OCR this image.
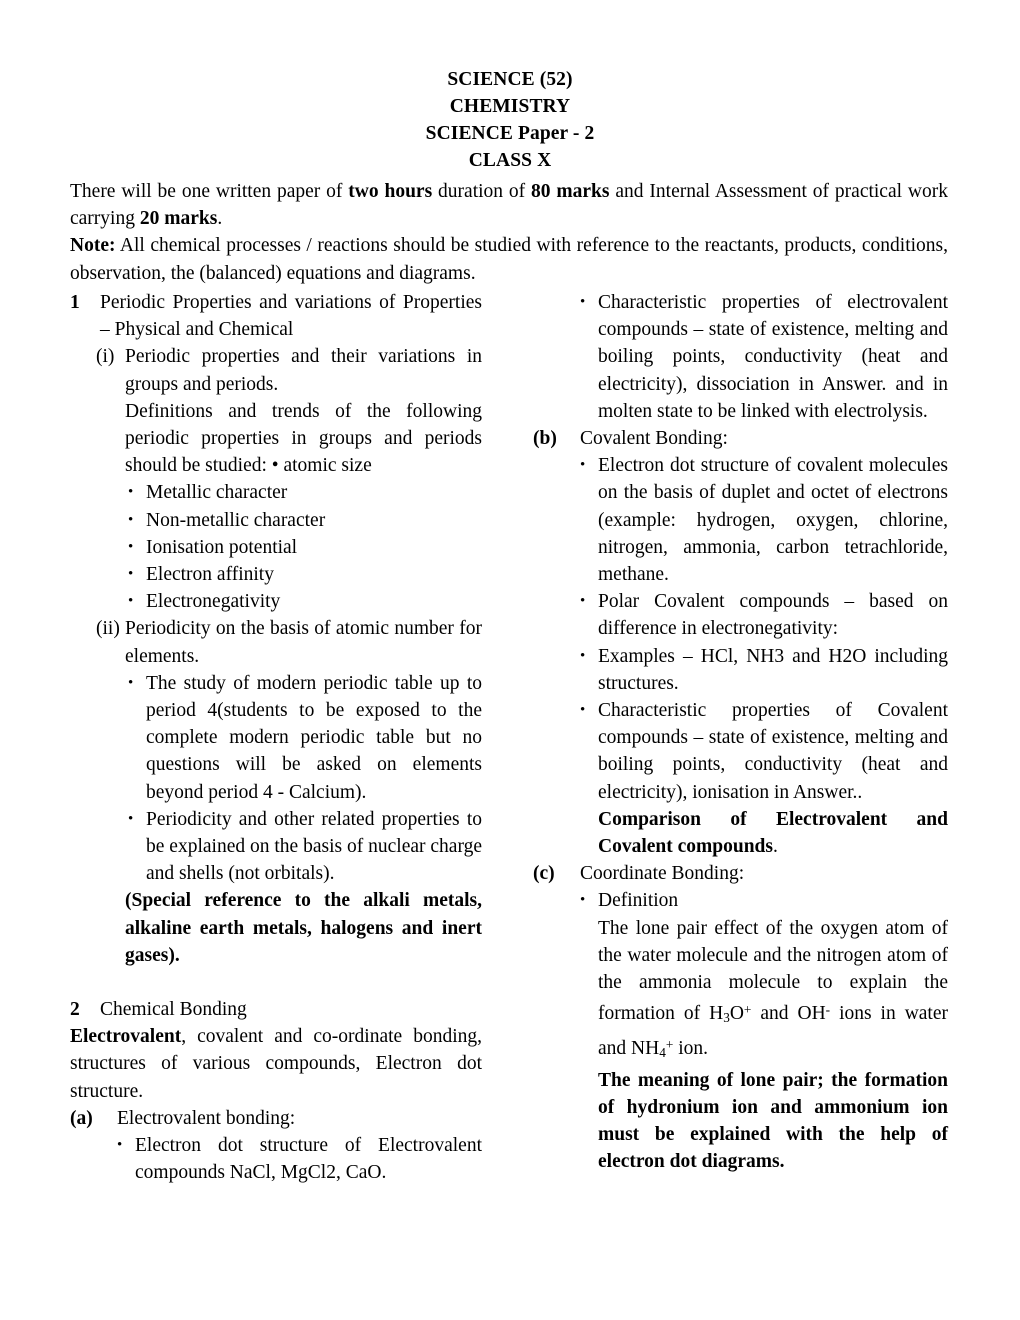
SCIENCE (52)
CHEMISTRY
SCIENCE Paper - 2
CLASS X

There will be one written paper of two hours duration of 80 marks and Internal Assessment of practical work carrying 20 marks.

Note: All chemical processes / reactions should be studied with reference to the reactants, products, conditions, observation, the (balanced) equations and diagrams.

1 Periodic Properties and variations of Properties – Physical and Chemical
(i) Periodic properties and their variations in groups and periods.
Definitions and trends of the following periodic properties in groups and periods should be studied: • atomic size
• Metallic character
• Non-metallic character
• Ionisation potential
• Electron affinity
• Electronegativity
(ii) Periodicity on the basis of atomic number for elements.
• The study of modern periodic table up to period 4(students to be exposed to the complete modern periodic table but no questions will be asked on elements beyond period 4 - Calcium).
• Periodicity and other related properties to be explained on the basis of nuclear charge and shells (not orbitals).
(Special reference to the alkali metals, alkaline earth metals, halogens and inert gases).
2 Chemical Bonding
Electrovalent, covalent and co-ordinate bonding, structures of various compounds, Electron dot structure.
(a) Electrovalent bonding:
• Electron dot structure of Electrovalent compounds NaCl, MgCl2, CaO.
• Characteristic properties of electrovalent compounds – state of existence, melting and boiling points, conductivity (heat and electricity), dissociation in Answer. and in molten state to be linked with electrolysis.
(b) Covalent Bonding:
• Electron dot structure of covalent molecules on the basis of duplet and octet of electrons (example: hydrogen, oxygen, chlorine, nitrogen, ammonia, carbon tetrachloride, methane.
• Polar Covalent compounds – based on difference in electronegativity:
• Examples – HCl, NH3 and H2O including structures.
• Characteristic properties of Covalent compounds – state of existence, melting and boiling points, conductivity (heat and electricity), ionisation in Answer..
Comparison of Electrovalent and Covalent compounds.
(c) Coordinate Bonding:
• Definition
The lone pair effect of the oxygen atom of the water molecule and the nitrogen atom of the ammonia molecule to explain the formation of $H_3O^+$ and OH- ions in water and $NH_4^+$ ion.
The meaning of lone pair; the formation of hydronium ion and ammonium ion must be explained with the help of electron dot diagrams.
